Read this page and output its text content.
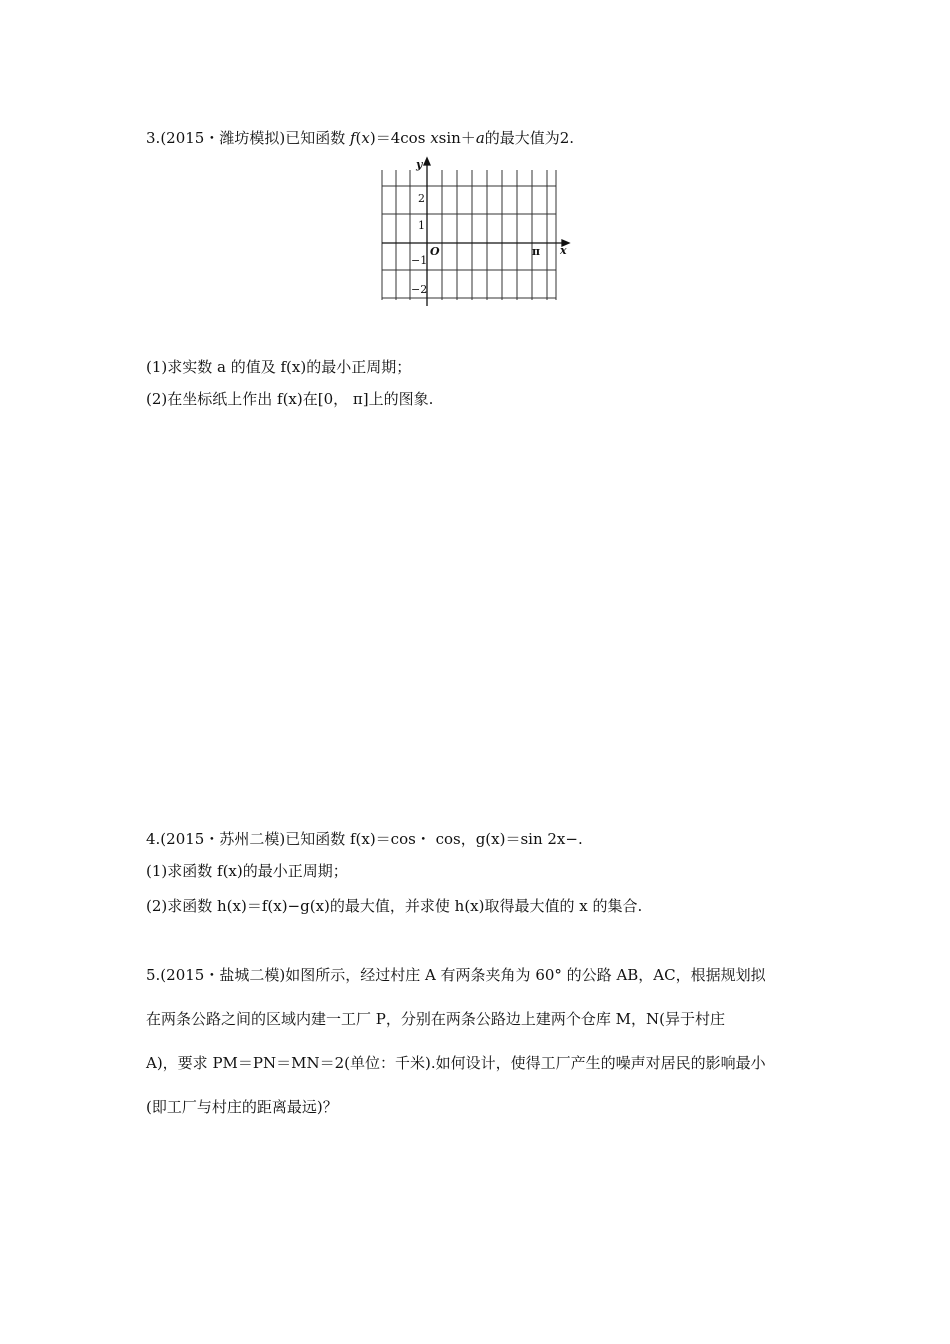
3.(2015・潍坊模拟)已知函数 f(x)＝4cos xsin＋a的最大值为2.
y
x
O	π
2
1
−1
−2
(1)求实数 a 的值及 f(x)的最小正周期；
(2)在坐标纸上作出 f(x)在[0， π]上的图象.
4.(2015・苏州二模)已知函数 f(x)＝cos・ cos，g(x)＝sin 2x−.
(1)求函数 f(x)的最小正周期；
(2)求函数 h(x)＝f(x)−g(x)的最大值，并求使 h(x)取得最大值的 x 的集合.
5.(2015・盐城二模)如图所示，经过村庄 A 有两条夹角为 60° 的公路 AB，AC，根据规划拟
在两条公路之间的区域内建一工厂 P，分别在两条公路边上建两个仓库 M，N(异于村庄
A)，要求 PM＝PN＝MN＝2(单位：千米).如何设计，使得工厂产生的噪声对居民的影响最小
(即工厂与村庄的距离最远)？
